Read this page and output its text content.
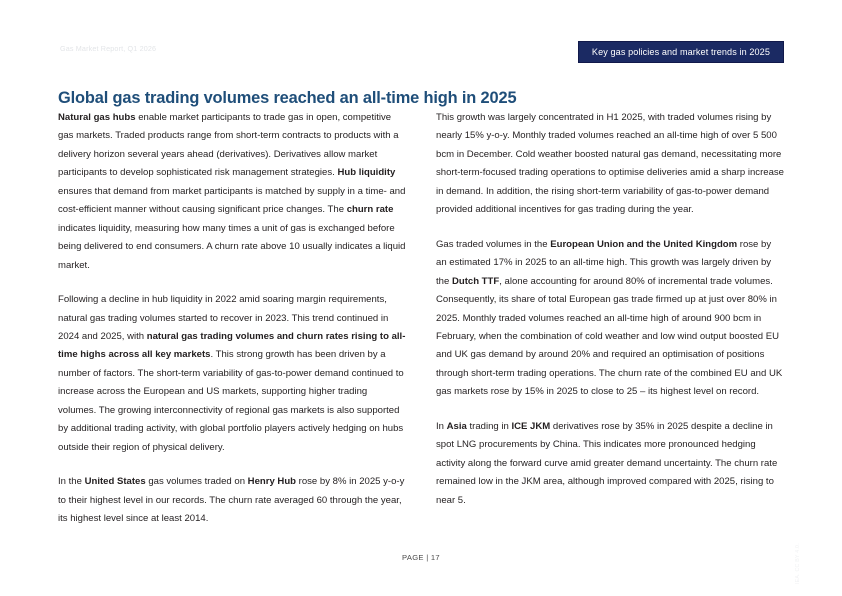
Gas Market Report, Q1 2026	Key gas policies and market trends in 2025
Global gas trading volumes reached an all-time high in 2025

Natural gas hubs enable market participants to trade gas in open, competitive gas markets. Traded products range from short-term contracts to products with a delivery horizon several years ahead (derivatives). Derivatives allow market participants to develop sophisticated risk management strategies. Hub liquidity ensures that demand from market participants is matched by supply in a time- and cost-efficient manner without causing significant price changes. The churn rate indicates liquidity, measuring how many times a unit of gas is exchanged before being delivered to end consumers. A churn rate above 10 usually indicates a liquid market.

Following a decline in hub liquidity in 2022 amid soaring margin requirements, natural gas trading volumes started to recover in 2023. This trend continued in 2024 and 2025, with natural gas trading volumes and churn rates rising to all-time highs across all key markets. This strong growth has been driven by a number of factors. The short-term variability of gas-to-power demand continued to increase across the European and US markets, supporting higher trading volumes. The growing interconnectivity of regional gas markets is also supported by additional trading activity, with global portfolio players actively hedging on hubs outside their region of physical delivery.

In the United States gas volumes traded on Henry Hub rose by 8% in 2025 y-o-y to their highest level in our records. The churn rate averaged 60 through the year, its highest level since at least 2014.

This growth was largely concentrated in H1 2025, with traded volumes rising by nearly 15% y-o-y. Monthly traded volumes reached an all-time high of over 5 500 bcm in December. Cold weather boosted natural gas demand, necessitating more short-term-focused trading operations to optimise deliveries amid a sharp increase in demand. In addition, the rising short-term variability of gas-to-power demand provided additional incentives for gas trading during the year.

Gas traded volumes in the European Union and the United Kingdom rose by an estimated 17% in 2025 to an all-time high. This growth was largely driven by the Dutch TTF, alone accounting for around 80% of incremental trade volumes. Consequently, its share of total European gas trade firmed up at just over 80% in 2025. Monthly traded volumes reached an all-time high of around 900 bcm in February, when the combination of cold weather and low wind output boosted EU and UK gas demand by around 20% and required an optimisation of positions through short-term trading operations. The churn rate of the combined EU and UK gas markets rose by 15% in 2025 to close to 25 – its highest level on record.

In Asia trading in ICE JKM derivatives rose by 35% in 2025 despite a decline in spot LNG procurements by China. This indicates more pronounced hedging activity along the forward curve amid greater demand uncertainty. The churn rate remained low in the JKM area, although improved compared with 2025, rising to near 5.

PAGE | 17	IEA. CC BY 4.0.
